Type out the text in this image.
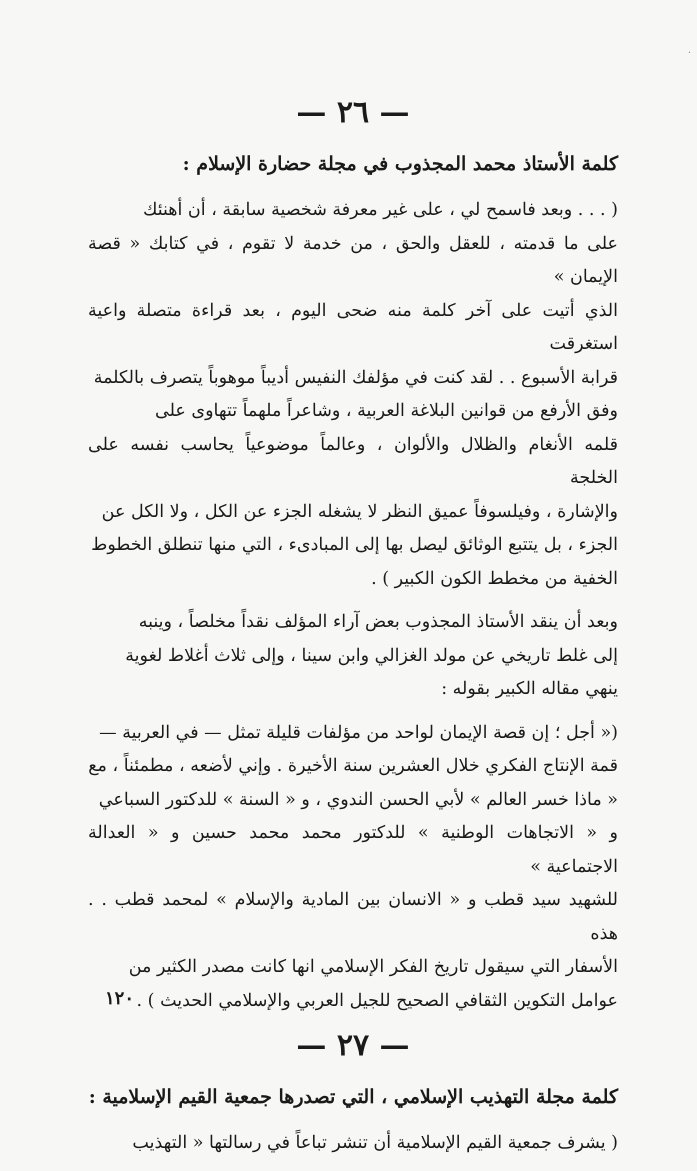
·
— ٢٦ —
كلمة الأستاذ محمد المجذوب في مجلة حضارة الإسلام :
( . . . وبعد فاسمح لي ، على غير معرفة شخصية سابقة ، أن أهنئك
على ما قدمته ، للعقل والحق ، من خدمة لا تقوم ، في كتابك « قصة الإيمان »
الذي أتيت على آخر كلمة منه ضحى اليوم ، بعد قراءة متصلة واعية استغرقت
قرابة الأسبوع . . لقد كنت في مؤلفك النفيس أديباً موهوباً يتصرف بالكلمة
وفق الأرفع من قوانين البلاغة العربية ، وشاعراً ملهماً تتهاوى على
قلمه الأنغام والظلال والألوان ، وعالماً موضوعياً يحاسب نفسه على الخلجة
والإشارة ، وفيلسوفاً عميق النظر لا يشغله الجزء عن الكل ، ولا الكل عن
الجزء ، بل يتتبع الوثائق ليصل بها إلى المبادىء ، التي منها تنطلق الخطوط
الخفية من مخطط الكون الكبير ) .
وبعد أن ينقد الأستاذ المجذوب بعض آراء المؤلف نقداً مخلصاً ، وينبه
إلى غلط تاريخي عن مولد الغزالي وابن سينا ، وإلى ثلاث أغلاط لغوية
ينهي مقاله الكبير بقوله :
(« أجل ؛ إن قصة الإيمان لواحد من مؤلفات قليلة تمثل — في العربية —
قمة الإنتاج الفكري خلال العشرين سنة الأخيرة . وإني لأضعه ، مطمئناً ، مع
« ماذا خسر العالم » لأبي الحسن الندوي ، و « السنة » للدكتور السباعي
و « الاتجاهات الوطنية » للدكتور محمد محمد حسين و « العدالة الاجتماعية »
للشهيد سيد قطب و « الانسان بين المادية والإسلام » لمحمد قطب . . هذه
الأسفار التي سيقول تاريخ الفكر الإسلامي انها كانت مصدر الكثير من
عوامل التكوين الثقافي الصحيح للجيل العربي والإسلامي الحديث ) .
— ٢٧ —
كلمة مجلة التهذيب الإسلامي ، التي تصدرها جمعية القيم الإسلامية :
( يشرف جمعية القيم الإسلامية أن تنشر تباعاً في رسالتها « التهذيب
١٢٠
